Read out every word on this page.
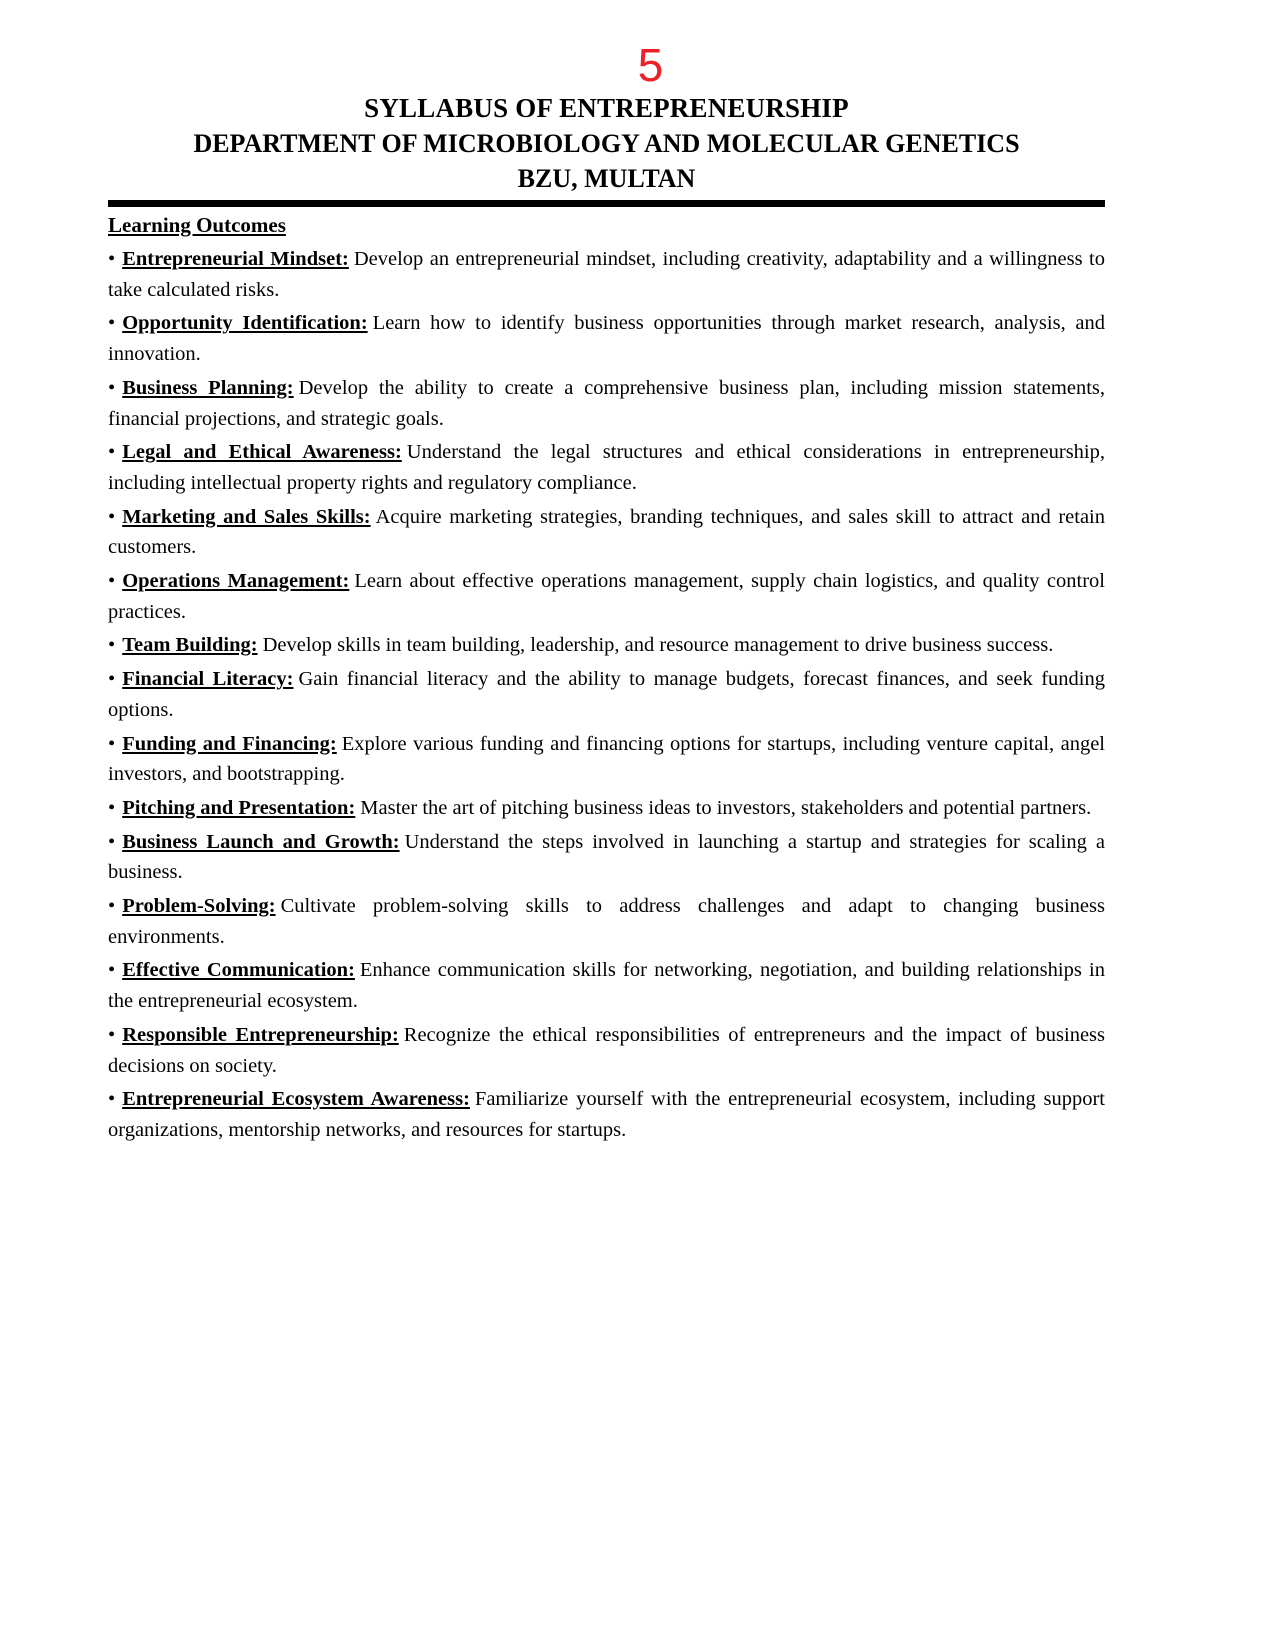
5
SYLLABUS OF ENTREPRENEURSHIP
DEPARTMENT OF MICROBIOLOGY AND MOLECULAR GENETICS
BZU, MULTAN
Learning Outcomes
• Entrepreneurial Mindset: Develop an entrepreneurial mindset, including creativity, adaptability and a willingness to take calculated risks.
• Opportunity Identification: Learn how to identify business opportunities through market research, analysis, and innovation.
• Business Planning: Develop the ability to create a comprehensive business plan, including mission statements, financial projections, and strategic goals.
• Legal and Ethical Awareness: Understand the legal structures and ethical considerations in entrepreneurship, including intellectual property rights and regulatory compliance.
• Marketing and Sales Skills: Acquire marketing strategies, branding techniques, and sales skill to attract and retain customers.
• Operations Management: Learn about effective operations management, supply chain logistics, and quality control practices.
• Team Building: Develop skills in team building, leadership, and resource management to drive business success.
• Financial Literacy: Gain financial literacy and the ability to manage budgets, forecast finances, and seek funding options.
• Funding and Financing: Explore various funding and financing options for startups, including venture capital, angel investors, and bootstrapping.
• Pitching and Presentation: Master the art of pitching business ideas to investors, stakeholders and potential partners.
• Business Launch and Growth: Understand the steps involved in launching a startup and strategies for scaling a business.
• Problem-Solving: Cultivate problem-solving skills to address challenges and adapt to changing business environments.
• Effective Communication: Enhance communication skills for networking, negotiation, and building relationships in the entrepreneurial ecosystem.
• Responsible Entrepreneurship: Recognize the ethical responsibilities of entrepreneurs and the impact of business decisions on society.
• Entrepreneurial Ecosystem Awareness: Familiarize yourself with the entrepreneurial ecosystem, including support organizations, mentorship networks, and resources for startups.
